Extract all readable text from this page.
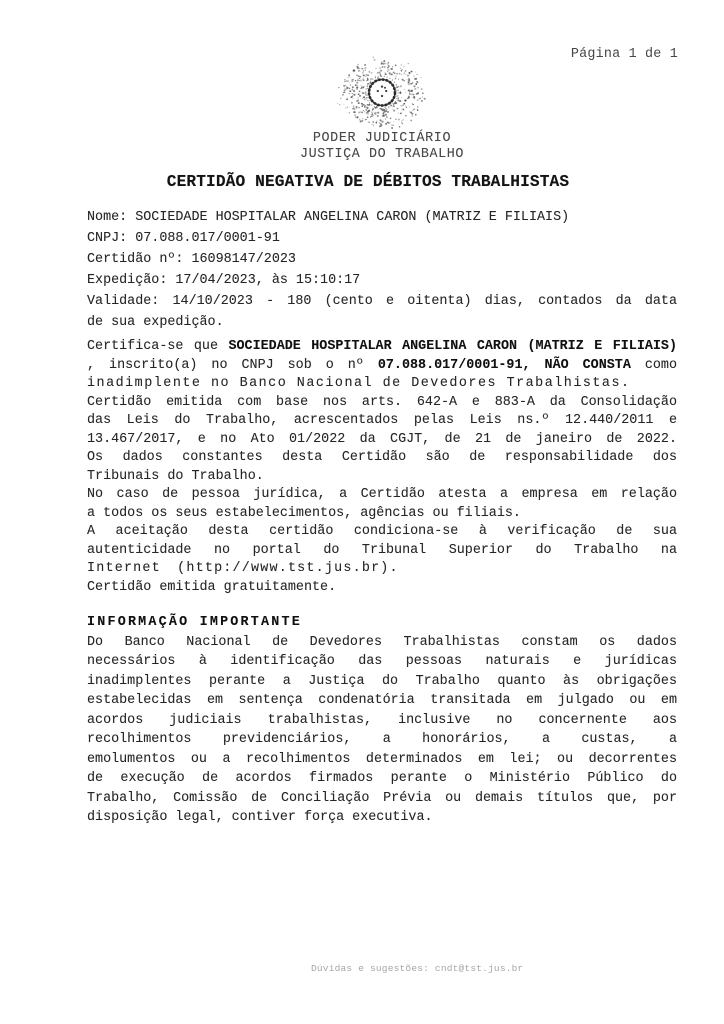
Página 1 de 1
PODER JUDICIÁRIO
JUSTIÇA DO TRABALHO
CERTIDÃO NEGATIVA DE DÉBITOS TRABALHISTAS
Nome: SOCIEDADE HOSPITALAR ANGELINA CARON (MATRIZ E FILIAIS)
CNPJ: 07.088.017/0001-91
Certidão nº: 16098147/2023
Expedição: 17/04/2023, às 15:10:17
Validade: 14/10/2023 - 180 (cento e oitenta) dias, contados da data
de sua expedição.
Certifica-se que SOCIEDADE HOSPITALAR ANGELINA CARON (MATRIZ E FILIAIS)
, inscrito(a) no CNPJ sob o nº 07.088.017/0001-91, NÃO CONSTA como
inadimplente no Banco Nacional de Devedores Trabalhistas.
Certidão emitida com base nos arts. 642-A e 883-A da Consolidação
das Leis do Trabalho, acrescentados pelas Leis ns.º 12.440/2011 e
13.467/2017, e no Ato 01/2022 da CGJT, de 21 de janeiro de 2022.
Os dados constantes desta Certidão são de responsabilidade dos
Tribunais do Trabalho.
No caso de pessoa jurídica, a Certidão atesta a empresa em relação
a todos os seus estabelecimentos, agências ou filiais.
A aceitação desta certidão condiciona-se à verificação de sua
autenticidade no portal do Tribunal Superior do Trabalho na
Internet (http://www.tst.jus.br).
Certidão emitida gratuitamente.
INFORMAÇÃO IMPORTANTE
Do Banco Nacional de Devedores Trabalhistas constam os dados
necessários à identificação das pessoas naturais e jurídicas
inadimplentes perante a Justiça do Trabalho quanto às obrigações
estabelecidas em sentença condenatória transitada em julgado ou em
acordos judiciais trabalhistas, inclusive no concernente aos
recolhimentos previdenciários, a honorários, a custas, a
emolumentos ou a recolhimentos determinados em lei; ou decorrentes
de execução de acordos firmados perante o Ministério Público do
Trabalho, Comissão de Conciliação Prévia ou demais títulos que, por
disposição legal, contiver força executiva.
Dúvidas e sugestões: cndt@tst.jus.br
